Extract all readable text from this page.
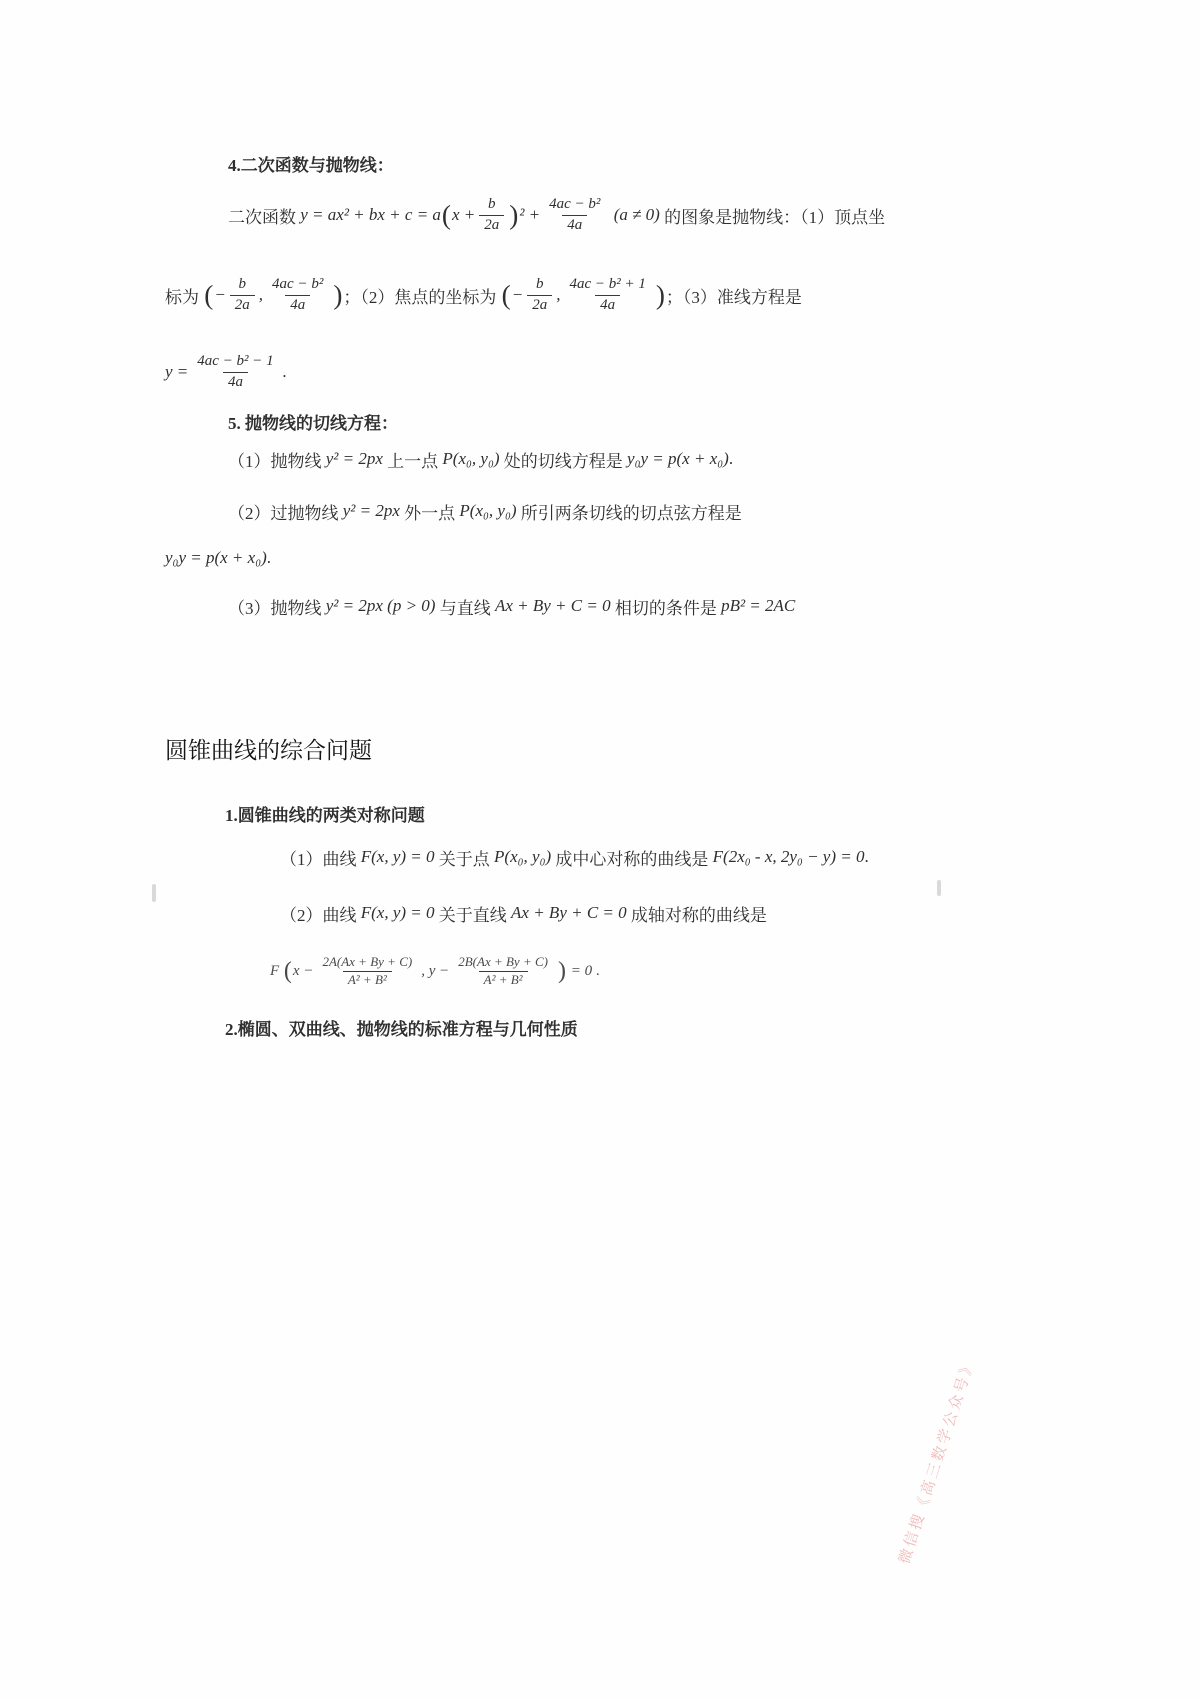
4.二次函数与抛物线：
二次函数 y = ax² + bx + c = a ( $x + \frac{b}{2a}$ ) $^2 + \frac{\text{4ac − b²}}{4a} (a \ne 0)$ 的图象是抛物线：（1）顶点坐
标为 ( − $\frac{b}{2a}$ , $\frac{\text{4ac − b²}}{4a}$ ) ；（2）焦点的坐标为 ( − $\frac{b}{2a}$ , $\frac{\text{4ac − b² + 1}}{4a}$ ) ；（3）准线方程是
$y = \frac{\text{4ac − b² − 1}}{4a}$ .
5. 抛物线的切线方程：
（1）抛物线 y² = 2px 上一点 P(x₀, y₀) 处的切线方程是 y₀y = p(x + x₀) .
（2）过抛物线 y² = 2px 外一点 P(x₀, y₀) 所引两条切线的切点弦方程是
y₀y = p(x + x₀) .
（3）抛物线 y² = 2px (p > 0) 与直线 Ax + By + C = 0 相切的条件是 pB² = 2AC
圆锥曲线的综合问题
1.圆锥曲线的两类对称问题
（1）曲线 F(x, y) = 0 关于点 P(x₀, y₀) 成中心对称的曲线是 F(2x₀ - x, 2y₀ − y) = 0 .
（2）曲线 F(x, y) = 0 关于直线 Ax + By + C = 0 成轴对称的曲线是
F ( $x - \frac{2A(Ax + By + C)}{\text{A² + B²}}$ , $y - \frac{2B(Ax + By + C)}{\text{A² + B²}}$ ) = 0 .
2.椭圆、双曲线、抛物线的标准方程与几何性质
微信搜《高三数学公众号》
